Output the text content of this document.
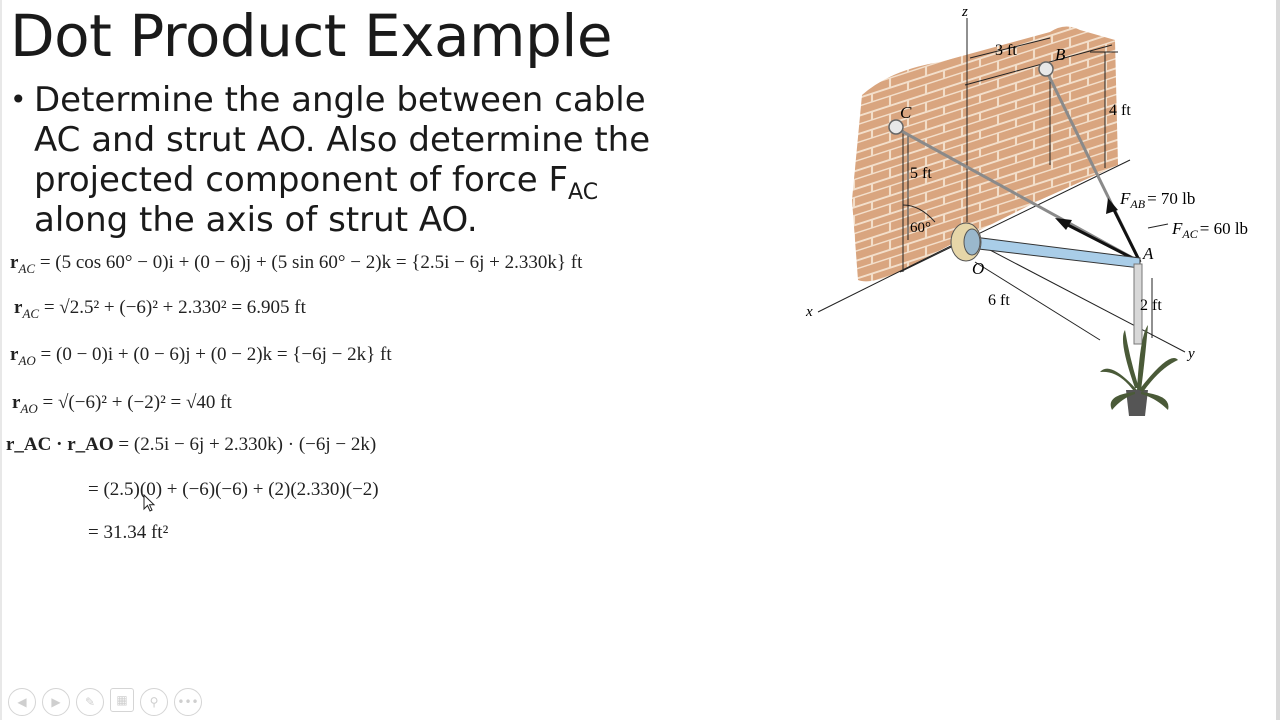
Dot Product Example
• Determine the angle between cable
AC and strut AO. Also determine the
projected component of force $F_{AC}$
along the axis of strut AO.
$r_{AC} = (5$ cos 60° − 0)i + (0 − 6)j + (5 sin 60° − 2)k = {2.5i − 6j + 2.330k} ft
$r_{AC} = √2.5^2 + (-6)^2 + 2.330^2 = 6.905$ ft
$r_{AO} = (0 - 0)i + (0 - 6)j + (0 - 2)k = \{-6j - 2k\}$ ft
$r_{AO} = √(-6)^2 + (-2)^2 = √40$ ft
r_AC · r_AO = (2.5i − 6j + 2.330k) · (−6j − 2k)
= (2.5)(0) + (−6)(−6) + (2)(2.330)(−2)
= 31.34 ft²
z
x
y
B
C
O
A
3 ft
4 ft
5 ft
6 ft	2 ft
60°
$F_{AB} = 70$ lb
$F_{AC} = 60$ lb
◀ ▶ ✎ ▦ ⚲ •••
